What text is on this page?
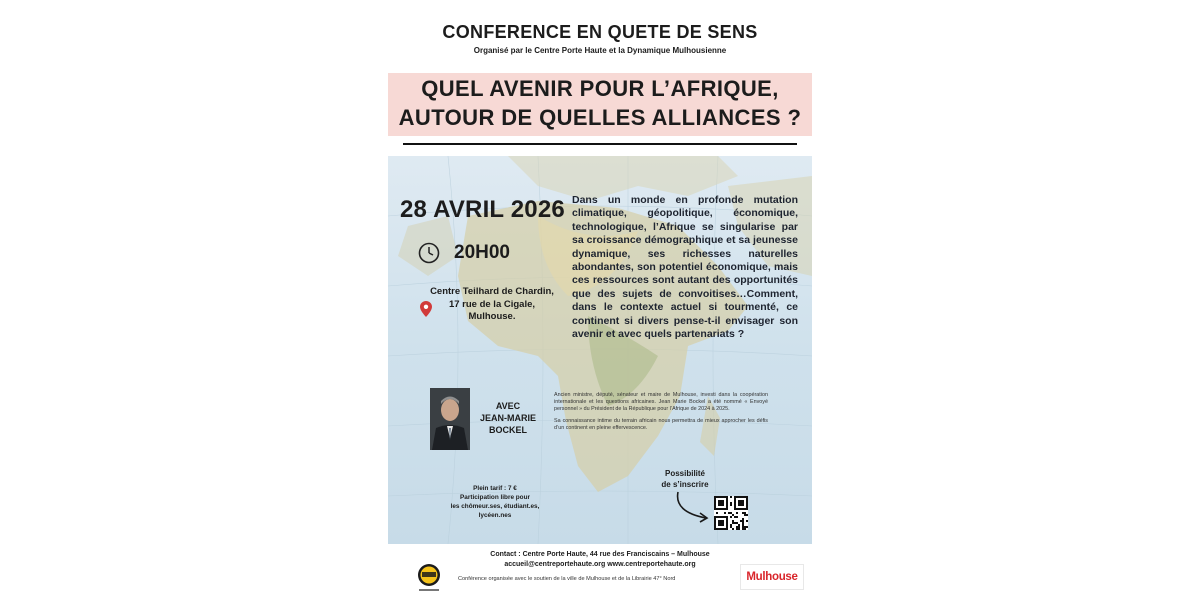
CONFERENCE EN QUETE DE SENS
Organisé par le Centre Porte Haute et la Dynamique Mulhousienne
QUEL AVENIR POUR L’AFRIQUE,
AUTOUR DE QUELLES ALLIANCES ?
28 AVRIL 2026
20H00
Centre Teilhard de Chardin,
17 rue de la Cigale,
Mulhouse.
Dans un monde en profonde mutation climatique, géopolitique, économique, technologique, l’Afrique se singularise par sa croissance démographique et sa jeunesse dynamique, ses richesses naturelles abondantes, son potentiel économique, mais ces ressources sont autant des opportunités que des sujets de convoitises…Comment, dans le contexte actuel si tourmenté, ce continent si divers pense-t-il envisager son avenir et avec quels partenariats ?
AVEC
JEAN-MARIE
BOCKEL

Ancien ministre, député, sénateur et maire de Mulhouse, investi dans la coopération internationale et les questions africaines. Jean Marie Bockel a été nommé « Envoyé personnel » du Président de la République pour l’Afrique de 2024 à 2025.

Sa connaissance intime du terrain africain nous permettra de mieux approcher les défis d’un continent en pleine effervescence.

Plein tarif : 7 €
Participation libre pour
les chômeur.ses, étudiant.es,
lycéen.nes
Possibilité
de s’inscrire
Contact : Centre Porte Haute, 44 rue des Franciscains – Mulhouse
accueil@centreportehaute.org www.centreportehaute.org
Conférence organisée avec le soutien de la ville de Mulhouse et de la Librairie 47° Nord	Mulhouse
